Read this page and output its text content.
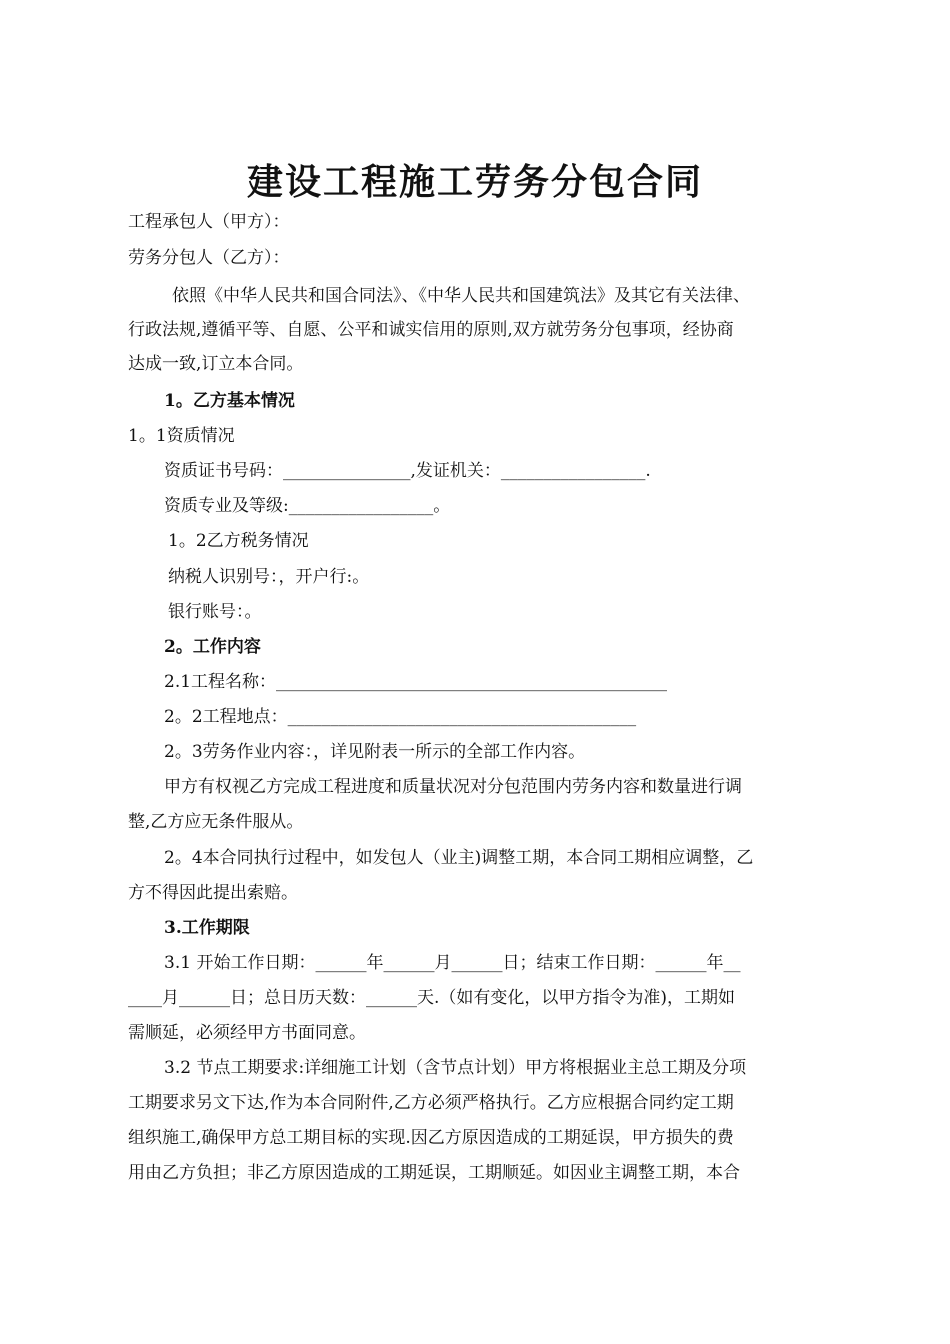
建设工程施工劳务分包合同
工程承包人（甲方）：
劳务分包人（乙方）：
依照《中华人民共和国合同法》、《中华人民共和国建筑法》及其它有关法律、
行政法规,遵循平等、自愿、公平和诚实信用的原则,双方就劳务分包事项，经协商
达成一致,订立本合同。
1。乙方基本情况
1。1资质情况
资质证书号码：_______________,发证机关：_________________.
资质专业及等级:_________________。
1。2乙方税务情况
纳税人识别号：，开户行:。
银行账号：。
2。工作内容
2.1工程名称：______________________________________________
2。2工程地点：_________________________________________
2。3劳务作业内容：，详见附表一所示的全部工作内容。
甲方有权视乙方完成工程进度和质量状况对分包范围内劳务内容和数量进行调
整,乙方应无条件服从。
2。4本合同执行过程中，如发包人（业主)调整工期，本合同工期相应调整，乙
方不得因此提出索赔。
3.工作期限
3.1 开始工作日期：______年______月______日；结束工作日期：______年__
____月______日；总日历天数：______天.（如有变化，以甲方指令为准)，工期如
需顺延，必须经甲方书面同意。
3.2 节点工期要求:详细施工计划（含节点计划）甲方将根据业主总工期及分项
工期要求另文下达,作为本合同附件,乙方必须严格执行。乙方应根据合同约定工期
组织施工,确保甲方总工期目标的实现.因乙方原因造成的工期延误，甲方损失的费
用由乙方负担；非乙方原因造成的工期延误，工期顺延。如因业主调整工期，本合
